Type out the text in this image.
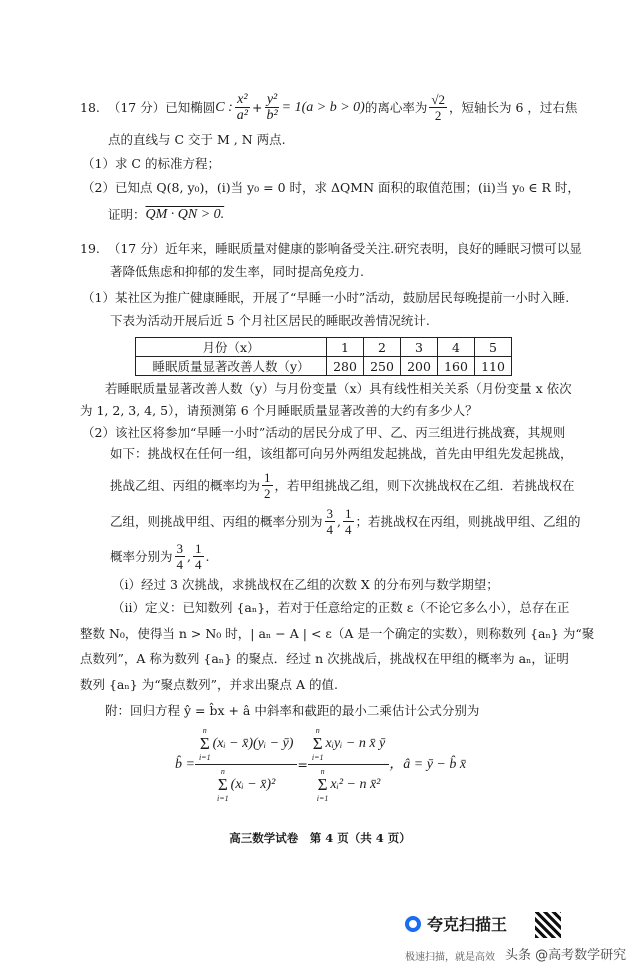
18.
（17 分） 已知椭圆 C : $\frac{\text{x²}}{\text{a²}} + \frac{\text{y²}}{\text{b²}} = 1(a > b > 0)$ 的离心率为 $\frac{√2}{2}$ ，短轴长为 6 ，过右焦
点的直线与 C 交于 M , N 两点.
（1）求 C 的标准方程；
（2）已知点 Q(8, y₀)，(i)当 y₀ = 0 时，求 ΔQMN 面积的取值范围；(ii)当 y₀ ∈ R 时，
证明： QM · QN > 0.
19.
（17 分） 近年来，睡眠质量对健康的影响备受关注.研究表明，良好的睡眠习惯可以显
著降低焦虑和抑郁的发生率，同时提高免疫力.
（1）某社区为推广健康睡眠，开展了“早睡一小时”活动，鼓励居民每晚提前一小时入睡.
下表为活动开展后近 5 个月社区居民的睡眠改善情况统计.
月份（x）	1	2	3	4	5
睡眠质量显著改善人数（y）	280	250	200	160	110
若睡眠质量显著改善人数（y）与月份变量（x）具有线性相关关系（月份变量 x 依次
为 1, 2, 3, 4, 5），请预测第 6 个月睡眠质量显著改善的大约有多少人？
（2）该社区将参加“早睡一小时”活动的居民分成了甲、乙、丙三组进行挑战赛，其规则
如下：挑战权在任何一组，该组都可向另外两组发起挑战，首先由甲组先发起挑战，
挑战乙组、丙组的概率均为 $\frac{1}{2}$ ，若甲组挑战乙组，则下次挑战权在乙组．若挑战权在
乙组，则挑战甲组、丙组的概率分别为 $\frac{3}{4}$ , $\frac{1}{4}$ ；若挑战权在丙组，则挑战甲组、乙组的
概率分别为 $\frac{3}{4}$ , $\frac{1}{4}$ .
（i）经过 3 次挑战，求挑战权在乙组的次数 X 的分布列与数学期望；
（ii）定义：已知数列 {aₙ}，若对于任意给定的正数 ε（不论它多么小），总存在正
整数 N₀，使得当 n > N₀ 时，| aₙ − A | < ε（A 是一个确定的实数），则称数列 {aₙ} 为“聚
点数列”，A 称为数列 {aₙ} 的聚点．经过 n 次挑战后，挑战权在甲组的概率为 aₙ，证明
数列 {aₙ} 为“聚点数列”，并求出聚点 A 的值.
附：回归方程 ŷ = b̂x + â 中斜率和截距的最小二乘估计公式分别为
b̂ = n
Σ
i=1
(xᵢ − x̄)(yᵢ − ȳ)
n
Σ
i=1
(xᵢ − x̄)² = n
Σ
i=1
xᵢyᵢ − n x̄ ȳ
n
Σ
i=1
xᵢ² − n x̄² ，â = ȳ − b̂ x̄
高三数学试卷　第 4 页（共 4 页）
夸克扫描王
极速扫描，就是高效 头条 @高考数学研究
